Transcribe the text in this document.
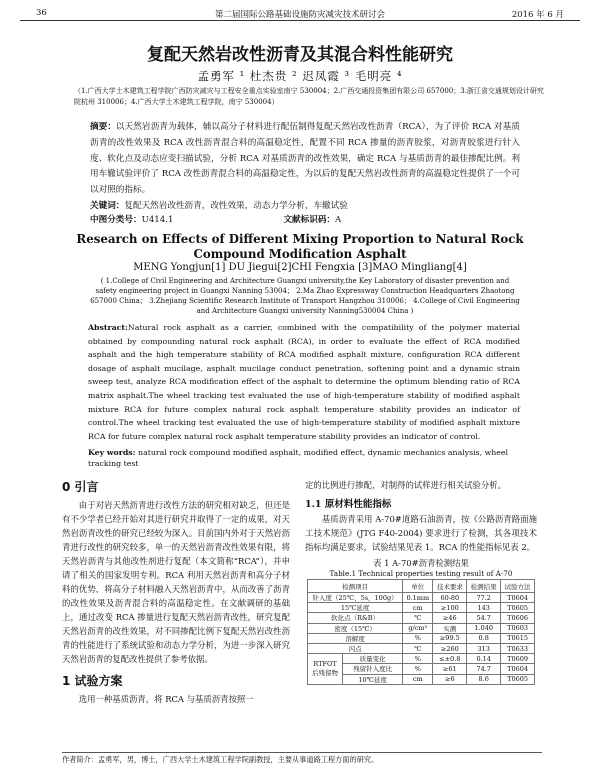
36	第二届国际公路基础设施防灾减灾技术研讨会	2016 年 6 月
复配天然岩改性沥青及其混合料性能研究
孟勇军 ¹ 杜杰贵 ² 迟凤霞 ³ 毛明亮 ⁴
（1.广西大学土木建筑工程学院广西防灾减灾与工程安全重点实验室南宁 530004；2.广西交通投资集团有限公司 657000；3.浙江省交通规划设计研究院杭州 310006；4.广西大学土木建筑工程学院，南宁 530004）
摘要：以天然岩沥青为载体，辅以高分子材料进行配伍制得复配天然岩改性沥青（RCA），为了评价 RCA 对基质沥青的改性效果及 RCA 改性沥青混合料的高温稳定性，配置不同 RCA 掺量的沥青胶浆，对沥青胶浆进行针入度、软化点及动态应变扫描试验，分析 RCA 对基质沥青的改性效果，确定 RCA 与基质沥青的最佳掺配比例。利用车辙试验评价了 RCA 改性沥青混合料的高温稳定性，为以后的复配天然岩改性沥青的高温稳定性提供了一个可以对照的指标。
关键词：复配天然岩改性沥青，改性效果，动态力学分析，车辙试验
中图分类号：U414.1	文献标识码：A
Research on Effects of Different Mixing Proportion to Natural Rock Compound Modification Asphalt
MENG Yongjun[1] DU Jiegui[2]CHI Fengxia [3]MAO Mingliang[4]
( 1.College of Civil Engineering and Architecture Guangxi university,the Key Laboratory of disaster prevention and safety engineering project in Guangxi Nanning 53004； 2.Ma Zhao Expressway Construction Headquarters Zhaotong 657000 China； 3.Zhejiang Scientific Research Institute of Transport Hangzhou 310006； 4.College of Civil Engineering and Architecture Guangxi university Nanning530004 China )
Abstract:Natural rock asphalt as a carrier, combined with the compatibility of the polymer material obtained by compounding natural rock asphalt (RCA), in order to evaluate the effect of RCA modified asphalt and the high temperature stability of RCA modified asphalt mixture, configuration RCA different dosage of asphalt mucilage, asphalt mucilage conduct penetration, softening point and a dynamic strain sweep test, analyze RCA modification effect of the asphalt to determine the optimum blending ratio of RCA matrix asphalt.The wheel tracking test evaluated the use of high-temperature stability of modified asphalt mixture RCA for future complex natural rock asphalt temperature stability provides an indicator of control.The wheel tracking test evaluated the use of high-temperature stability of modified asphalt mixture RCA for future complex natural rock asphalt temperature stability provides an indicator of control.
Key words: natural rock compound modified asphalt, modified effect, dynamic mechanics analysis, wheel tracking test
0 引言

由于对岩天然沥青进行改性方法的研究相对缺乏，但还是有不少学者已经开始对其进行研究并取得了一定的成果，对天然岩沥青改性的研究已经较为深入。目前国内外对于天然岩沥青进行改性的研究较多，单一的天然岩沥青改性效果有限，将天然岩沥青与其他改性剂进行复配（本文简称“RCA”），并申请了相关的国家发明专利。RCA 利用天然岩沥青和高分子材料的优势，将高分子材料融入天然岩沥青中，从而改善了沥青的改性效果及沥青混合料的高温稳定性。在文献调研的基础上，通过改变 RCA 掺量进行复配天然岩沥青改性，研究复配天然岩沥青的改性效果，对不同掺配比例下复配天然岩改性沥青的性能进行了系统试验和动态力学分析，为进一步深入研究天然岩沥青的复配改性提供了参考依据。

1 试验方案

选用一种基质沥青，将 RCA 与基质沥青按照一

定的比例进行掺配，对制得的试样进行相关试验分析。

1.1 原材料性能指标

基质沥青采用 A-70#道路石油沥青，按《公路沥青路面施工技术规范》(JTG F40-2004) 要求进行了检测，其各项技术指标均满足要求，试验结果见表 1。RCA 的性能指标见表 2。

表 1 A-70#沥青检测结果
Table.1 Technical properties testing result of A-70
检测项目		单位	技术要求	检测结果	试验方法
针入度（25℃，5s，100g）		0.1mm	60-80	77.2	T0604
15℃延度		cm	≥100	143	T0605
软化点（R&B）		℃	≥46	54.7	T0606
密度（15℃）		g/cm³	实测	1.040	T0603
溶解度		%	≥99.5	0.8	T0615
闪点		℃	≥260	313	T0633
RTFOT 后残留物	质量变化	%	≤±0.8	0.14	T0609
	残留针入度比	%	≥61	74.7	T0604
	10℃延度	cm	≥6	8.6	T0605
作者简介：孟勇军，男，博士，广西大学土木建筑工程学院副教授，主要从事道路工程方面的研究。
